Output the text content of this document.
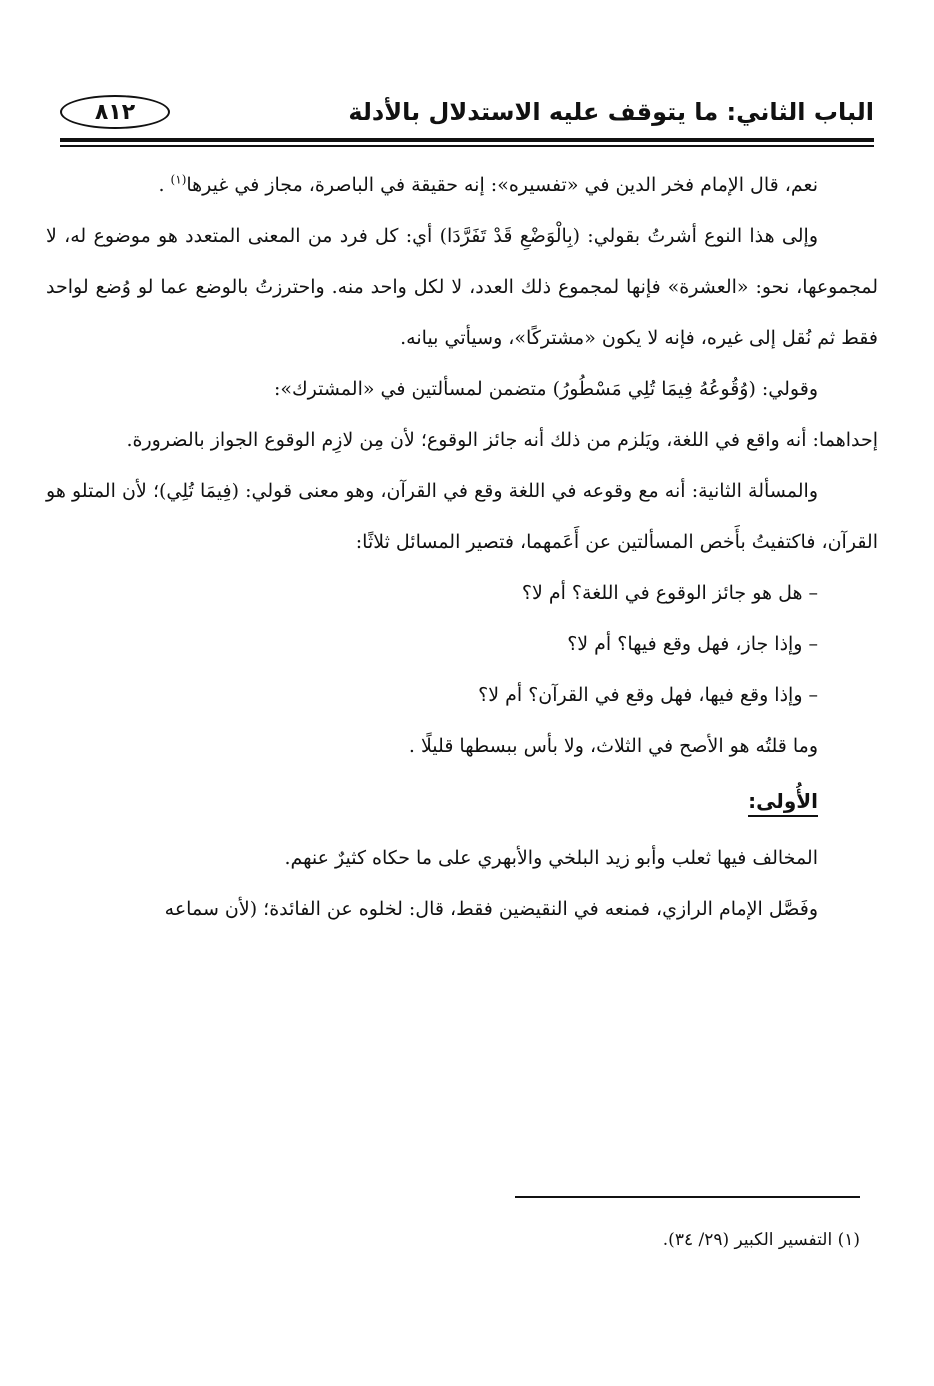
الباب الثاني: ما يتوقف عليه الاستدلال بالأدلة
٨١٢

نعم، قال الإمام فخر الدين في «تفسيره»: إنه حقيقة في الباصرة، مجاز في غيرها$^{(١)}$ .

وإلى هذا النوع أشرتُ بقولي: (بِالْوَضْعِ قَدْ تَفَرَّدَا) أي: كل فرد من المعنى المتعدد هو موضوع له، لا لمجموعها، نحو: «العشرة» فإنها لمجموع ذلك العدد، لا لكل واحد منه. واحترزتُ بالوضع عما لو وُضع لواحد فقط ثم نُقل إلى غيره، فإنه لا يكون «مشتركًا»، وسيأتي بيانه.

وقولي: (وُقُوعُهُ فِيمَا تُلِي مَسْطُورُ) متضمن لمسألتين في «المشترك»:

إحداهما: أنه واقع في اللغة، ويَلزم من ذلك أنه جائز الوقوع؛ لأن مِن لازِم الوقوع الجواز بالضرورة.

والمسألة الثانية: أنه مع وقوعه في اللغة وقع في القرآن، وهو معنى قولي: (فِيمَا تُلِي)؛ لأن المتلو هو القرآن، فاكتفيتُ بأَخص المسألتين عن أَعَمهما، فتصير المسائل ثلاثًا:

–هل هو جائز الوقوع في اللغة؟ أم لا؟

–وإذا جاز، فهل وقع فيها؟ أم لا؟

–وإذا وقع فيها، فهل وقع في القرآن؟ أم لا؟

وما قلتُه هو الأصح في الثلاث، ولا بأس ببسطها قليلًا .

الأُولى:

المخالف فيها ثعلب وأبو زيد البلخي والأبهري على ما حكاه كثيرٌ عنهم.

وفَصَّل الإمام الرازي، فمنعه في النقيضين فقط، قال: لخلوه عن الفائدة؛ (لأن سماعه

(١) التفسير الكبير (٢٩/ ٣٤).
